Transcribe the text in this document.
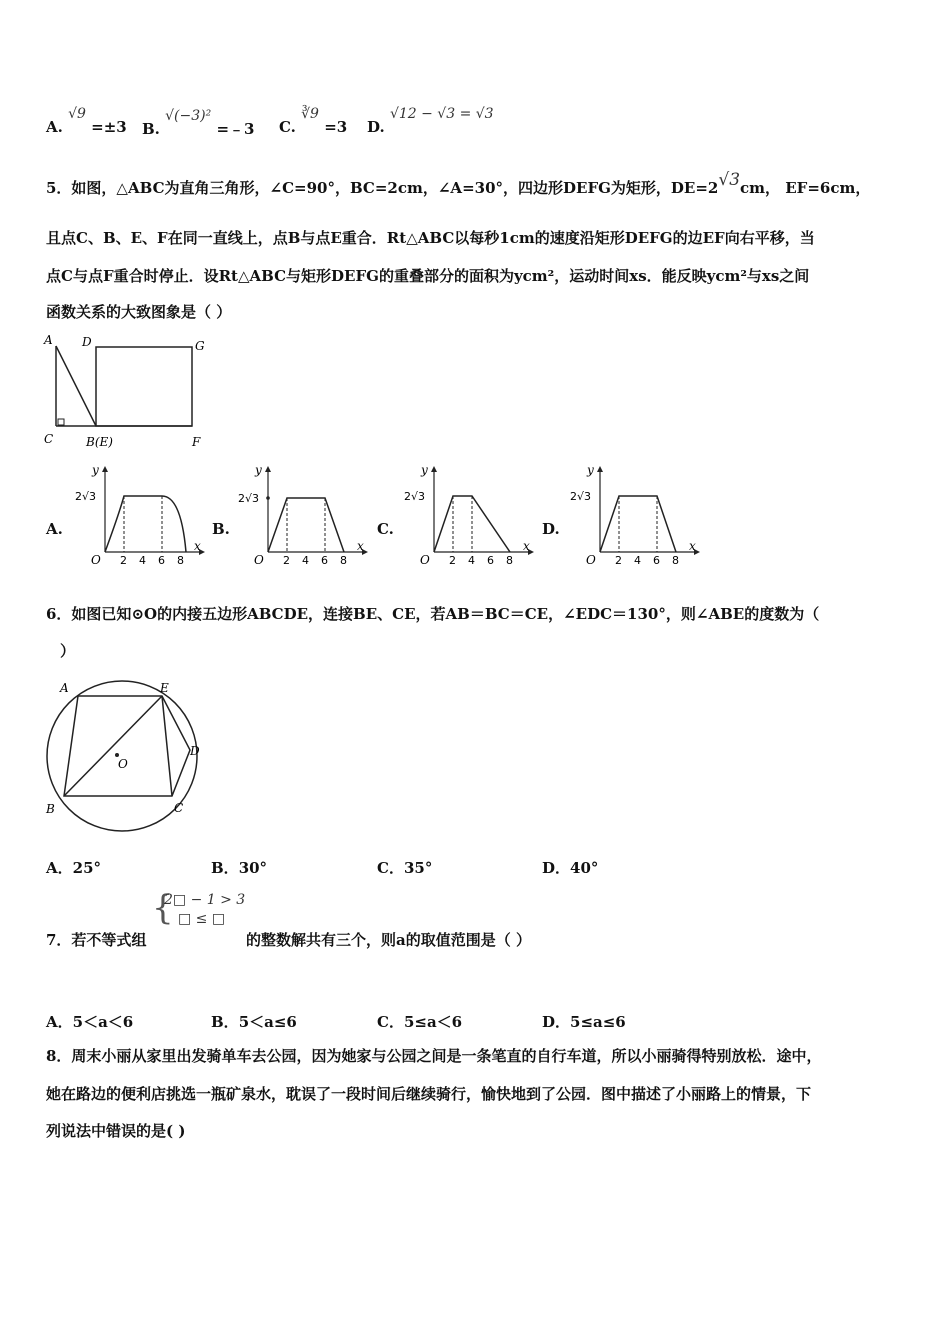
A. √9 =±3 B. √(−3)² =﹣3 C. ∛9 =3 D. √12 − √3 = √3
5．如图，△ABC为直角三角形，∠C=90°，BC=2cm，∠A=30°，四边形DEFG为矩形，DE=2√3cm， EF=6cm，
且点C、B、E、F在同一直线上，点B与点E重合．Rt△ABC以每秒1cm的速度沿矩形DEFG的边EF向右平移，当
点C与点F重合时停止．设Rt△ABC与矩形DEFG的重叠部分的面积为ycm²，运动时间xs．能反映ycm²与xs之间
函数关系的大致图象是（ ）
A D	G
C	B(E)	F
A.
y
x
O
2√3
2 4 6 8
B.
y
x
O
2√3
2 4 6 8
C.
y
x
O
2√3
2 4 6 8
D.
y
x
O
2√3
2 4 6 8
6．如图已知⊙O的内接五边形ABCDE，连接BE、CE，若AB＝BC＝CE，∠EDC＝130°，则∠ABE的度数为（
）
A	E
D
O
B	C
A．25°	B．30°	C．35°	D．40°
7．若不等式组
{
2□ − 1 > 3
□ ≤ □
的整数解共有三个，则a的取值范围是（ ）
A．5＜a＜6	B．5＜a≤6	C．5≤a＜6	D．5≤a≤6
8．周末小丽从家里出发骑单车去公园，因为她家与公园之间是一条笔直的自行车道，所以小丽骑得特别放松．途中，
她在路边的便利店挑选一瓶矿泉水，耽误了一段时间后继续骑行，愉快地到了公园．图中描述了小丽路上的情景，下
列说法中错误的是( )
